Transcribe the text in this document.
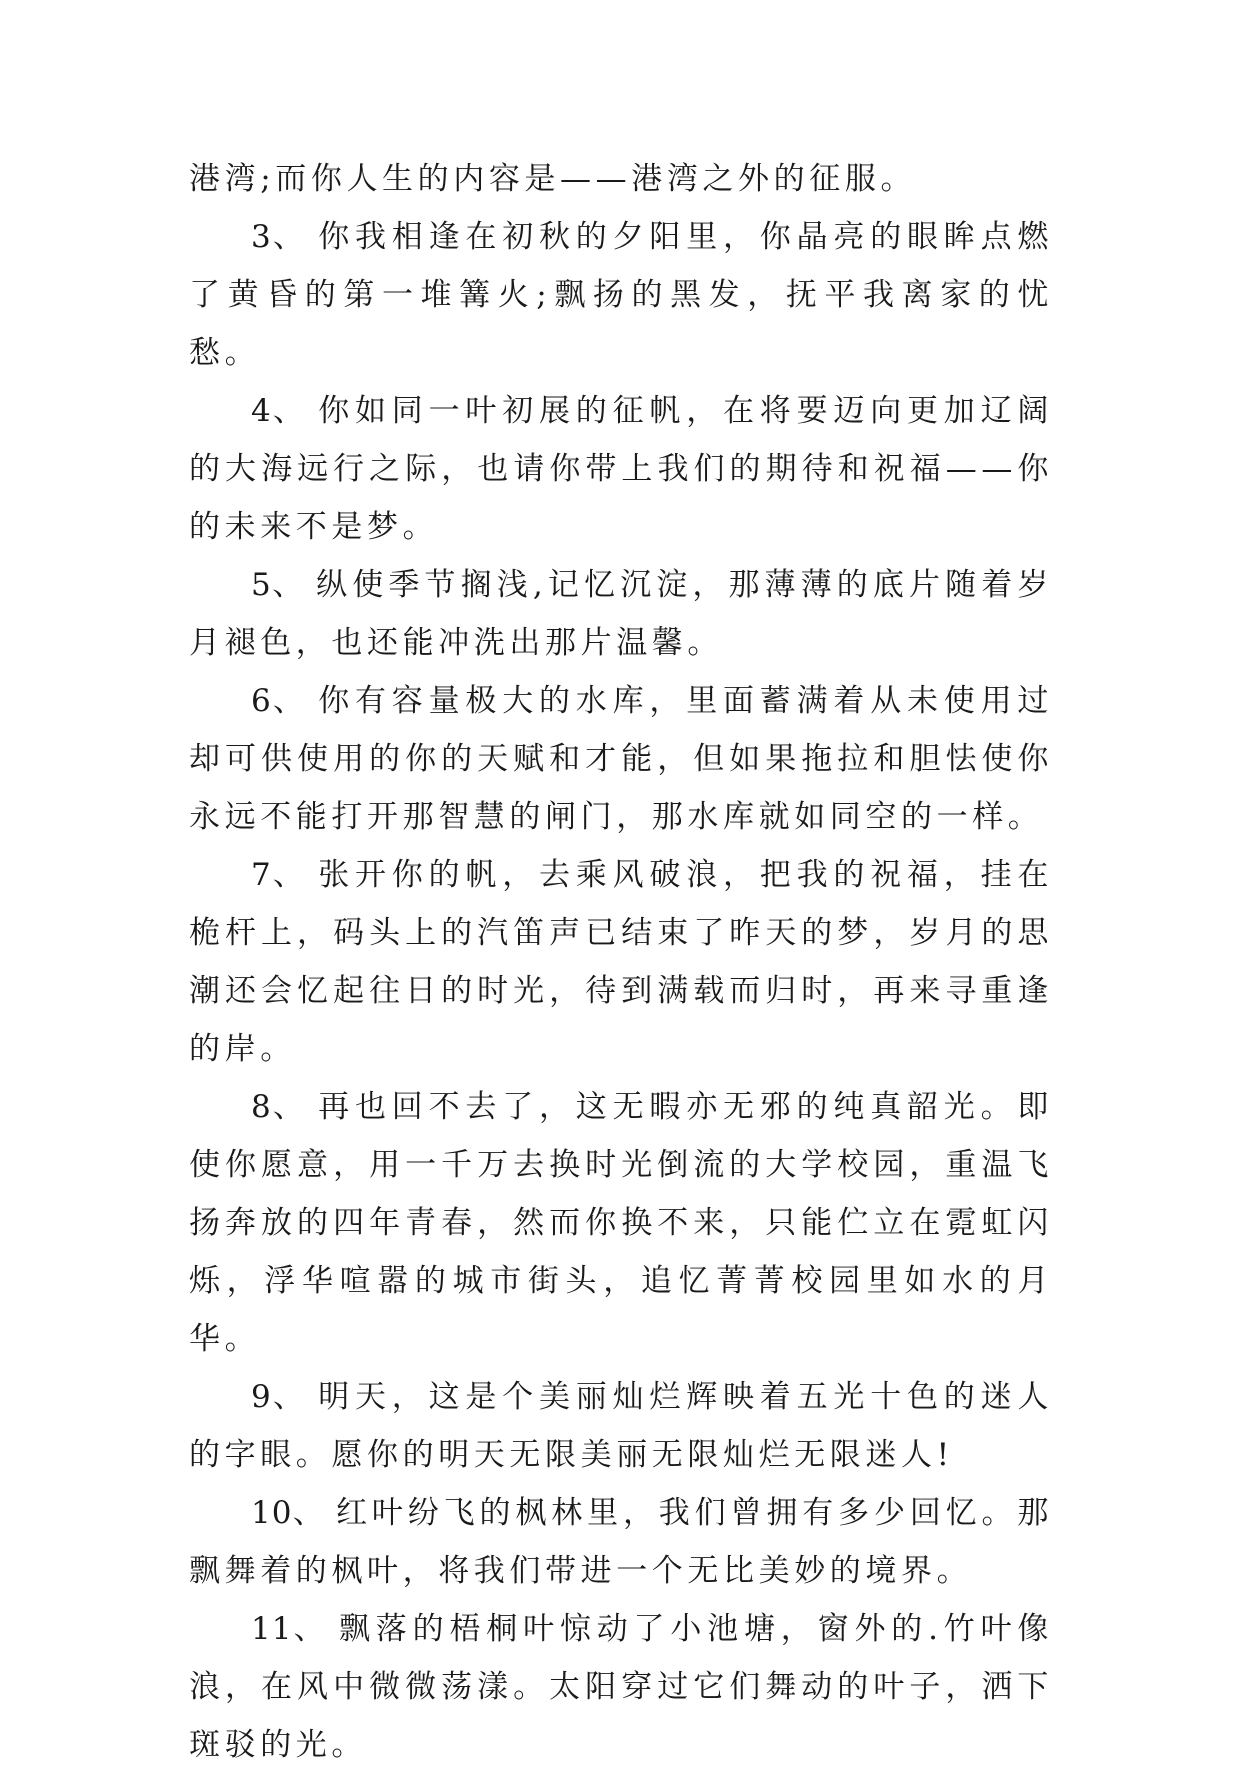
港湾;而你人生的内容是——港湾之外的征服。

3、 你我相逢在初秋的夕阳里，你晶亮的眼眸点燃了黄昏的第一堆篝火;飘扬的黑发，抚平我离家的忧愁。

4、 你如同一叶初展的征帆，在将要迈向更加辽阔的大海远行之际，也请你带上我们的期待和祝福——你的未来不是梦。

5、 纵使季节搁浅,记忆沉淀，那薄薄的底片随着岁月褪色，也还能冲洗出那片温馨。

6、 你有容量极大的水库，里面蓄满着从未使用过却可供使用的你的天赋和才能，但如果拖拉和胆怯使你永远不能打开那智慧的闸门，那水库就如同空的一样。

7、 张开你的帆，去乘风破浪，把我的祝福，挂在桅杆上，码头上的汽笛声已结束了昨天的梦，岁月的思潮还会忆起往日的时光，待到满载而归时，再来寻重逢的岸。

8、 再也回不去了，这无暇亦无邪的纯真韶光。即使你愿意，用一千万去换时光倒流的大学校园，重温飞扬奔放的四年青春，然而你换不来，只能伫立在霓虹闪烁，浮华喧嚣的城市街头，追忆菁菁校园里如水的月华。

9、 明天，这是个美丽灿烂辉映着五光十色的迷人的字眼。愿你的明天无限美丽无限灿烂无限迷人!

10、 红叶纷飞的枫林里，我们曾拥有多少回忆。那飘舞着的枫叶，将我们带进一个无比美妙的境界。

11、 飘落的梧桐叶惊动了小池塘，窗外的.竹叶像浪，在风中微微荡漾。太阳穿过它们舞动的叶子，洒下斑驳的光。
